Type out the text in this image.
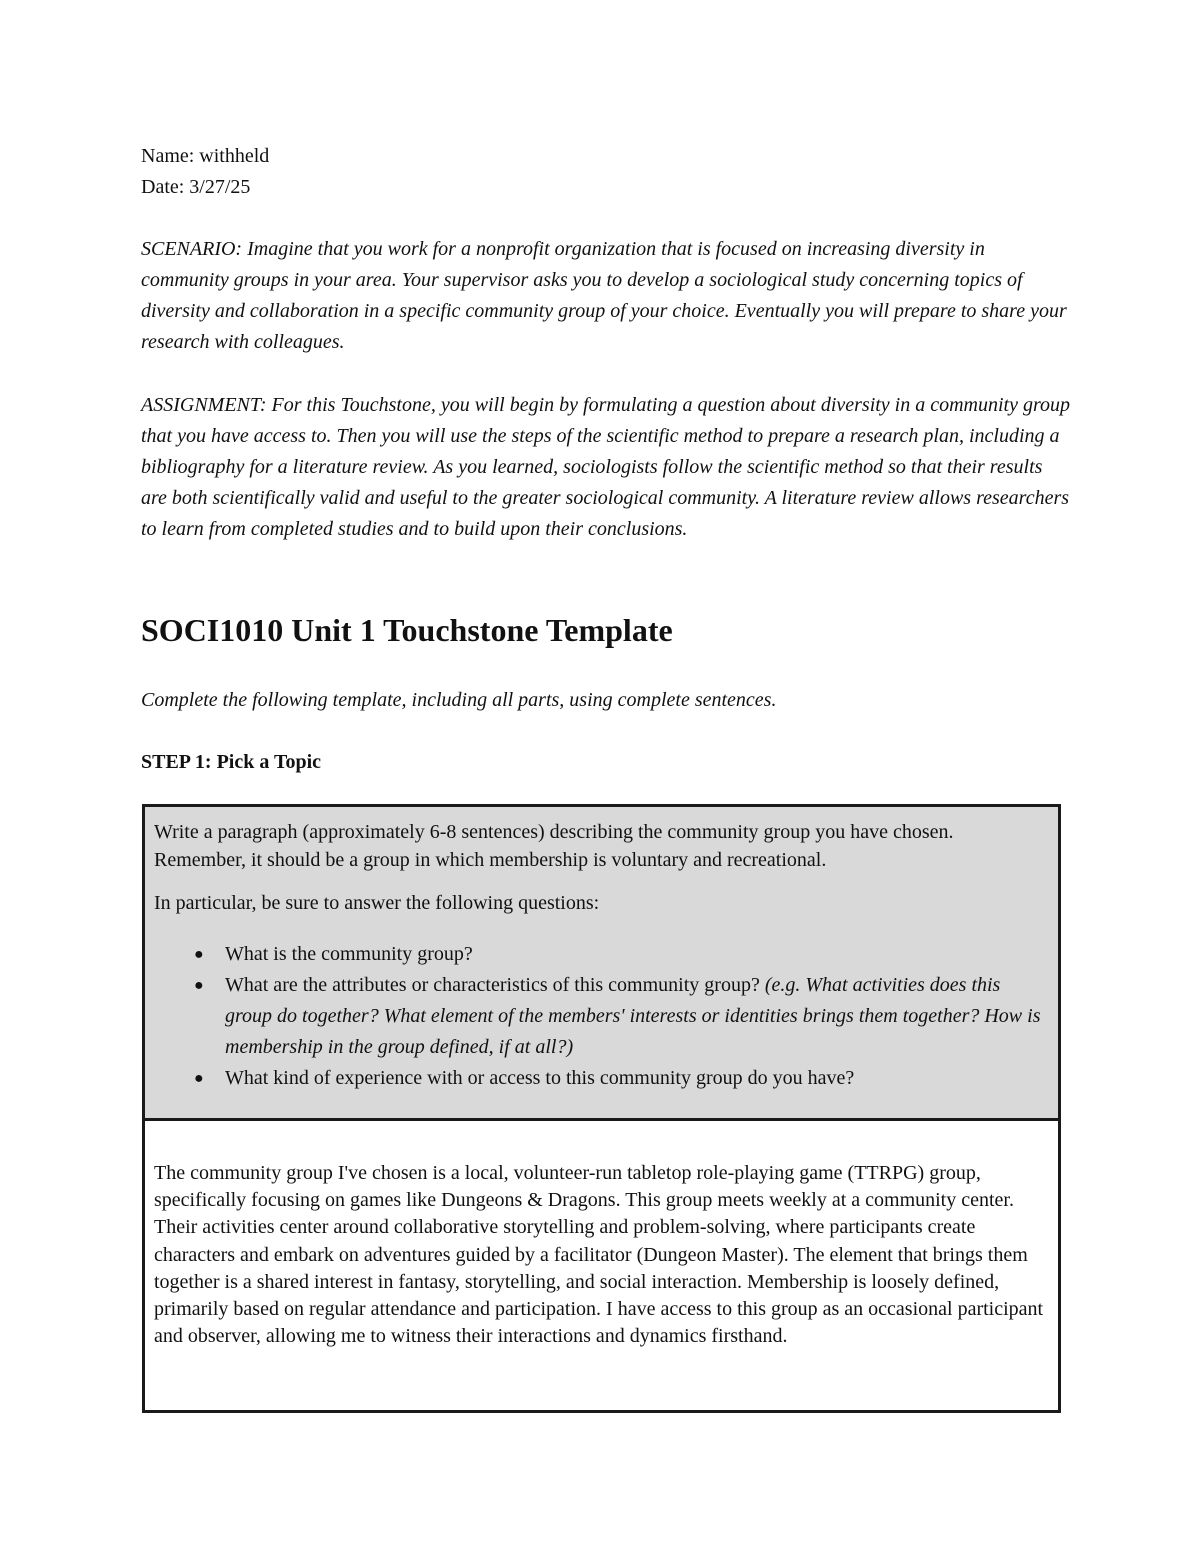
Name: withheld
Date: 3/27/25

SCENARIO: Imagine that you work for a nonprofit organization that is focused on increasing diversity in community groups in your area. Your supervisor asks you to develop a sociological study concerning topics of diversity and collaboration in a specific community group of your choice. Eventually you will prepare to share your research with colleagues.

ASSIGNMENT: For this Touchstone, you will begin by formulating a question about diversity in a community group that you have access to. Then you will use the steps of the scientific method to prepare a research plan, including a bibliography for a literature review. As you learned, sociologists follow the scientific method so that their results are both scientifically valid and useful to the greater sociological community. A literature review allows researchers to learn from completed studies and to build upon their conclusions.

SOCI1010 Unit 1 Touchstone Template
Complete the following template, including all parts, using complete sentences.
STEP 1: Pick a Topic

Write a paragraph (approximately 6-8 sentences) describing the community group you have chosen. Remember, it should be a group in which membership is voluntary and recreational.

In particular, be sure to answer the following questions:

● What is the community group?
● What are the attributes or characteristics of this community group? (e.g. What activities does this group do together? What element of the members' interests or identities brings them together? How is membership in the group defined, if at all?)
● What kind of experience with or access to this community group do you have?

The community group I've chosen is a local, volunteer-run tabletop role-playing game (TTRPG) group, specifically focusing on games like Dungeons & Dragons. This group meets weekly at a community center. Their activities center around collaborative storytelling and problem-solving, where participants create characters and embark on adventures guided by a facilitator (Dungeon Master). The element that brings them together is a shared interest in fantasy, storytelling, and social interaction. Membership is loosely defined, primarily based on regular attendance and participation. I have access to this group as an occasional participant and observer, allowing me to witness their interactions and dynamics firsthand.
